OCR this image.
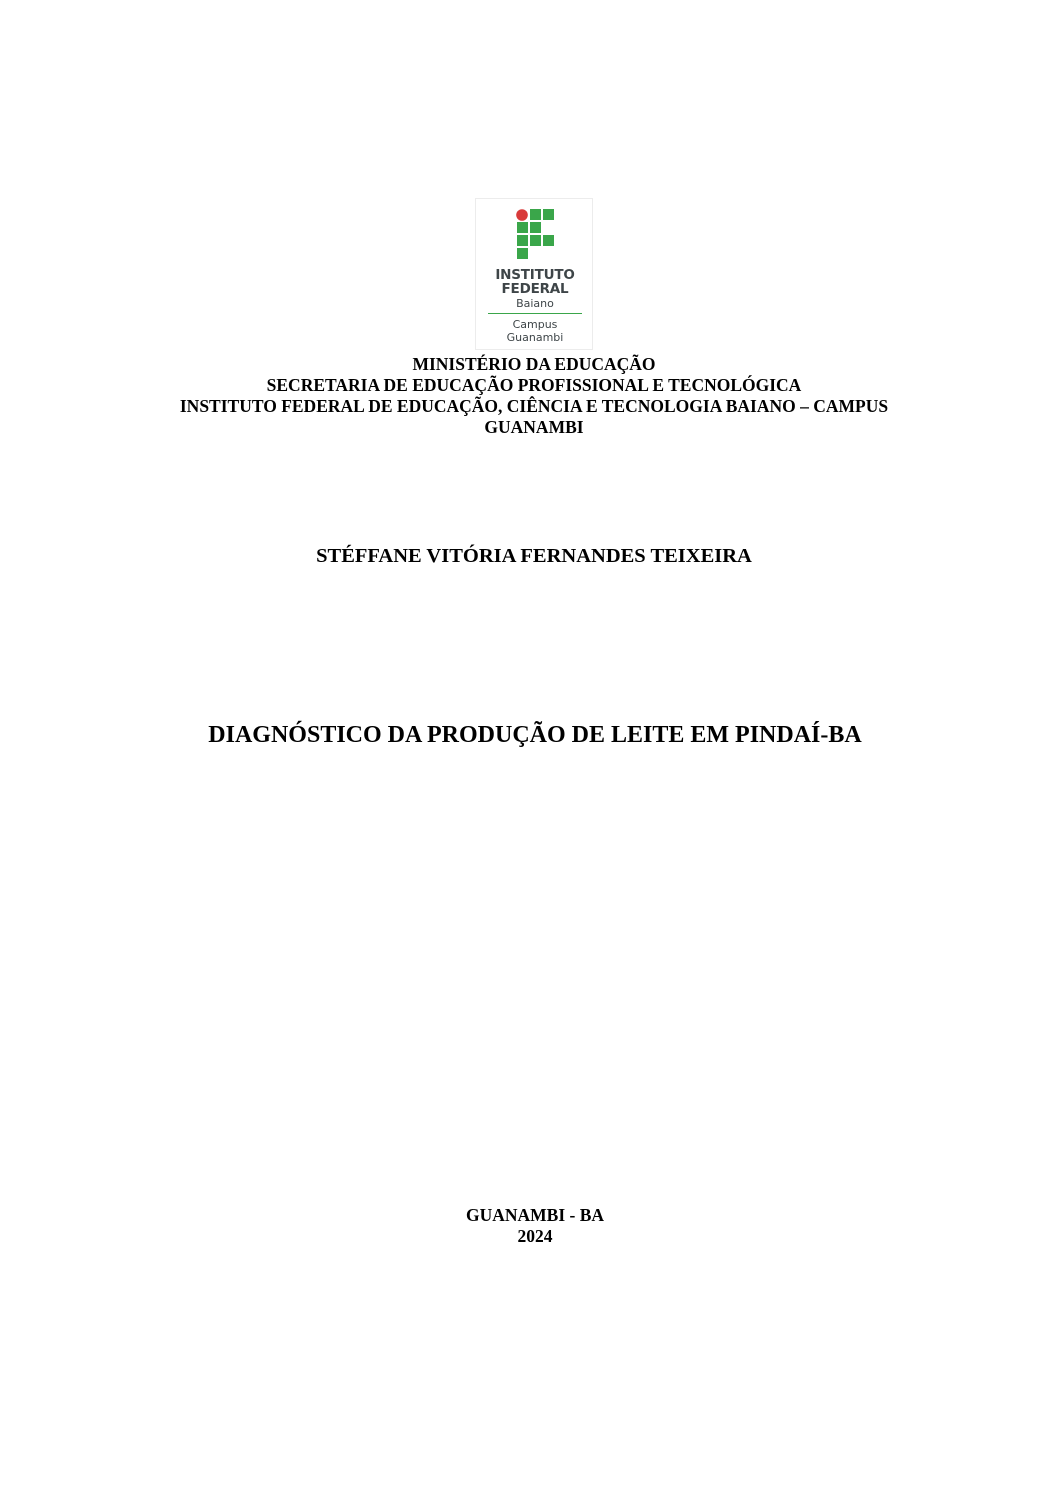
INSTITUTO
FEDERAL
Baiano
Campus
Guanambi
MINISTÉRIO DA EDUCAÇÃO
SECRETARIA DE EDUCAÇÃO PROFISSIONAL E TECNOLÓGICA
INSTITUTO FEDERAL DE EDUCAÇÃO, CIÊNCIA E TECNOLOGIA BAIANO – CAMPUS
GUANAMBI
STÉFFANE VITÓRIA FERNANDES TEIXEIRA
DIAGNÓSTICO DA PRODUÇÃO DE LEITE EM PINDAÍ-BA
GUANAMBI - BA
2024
